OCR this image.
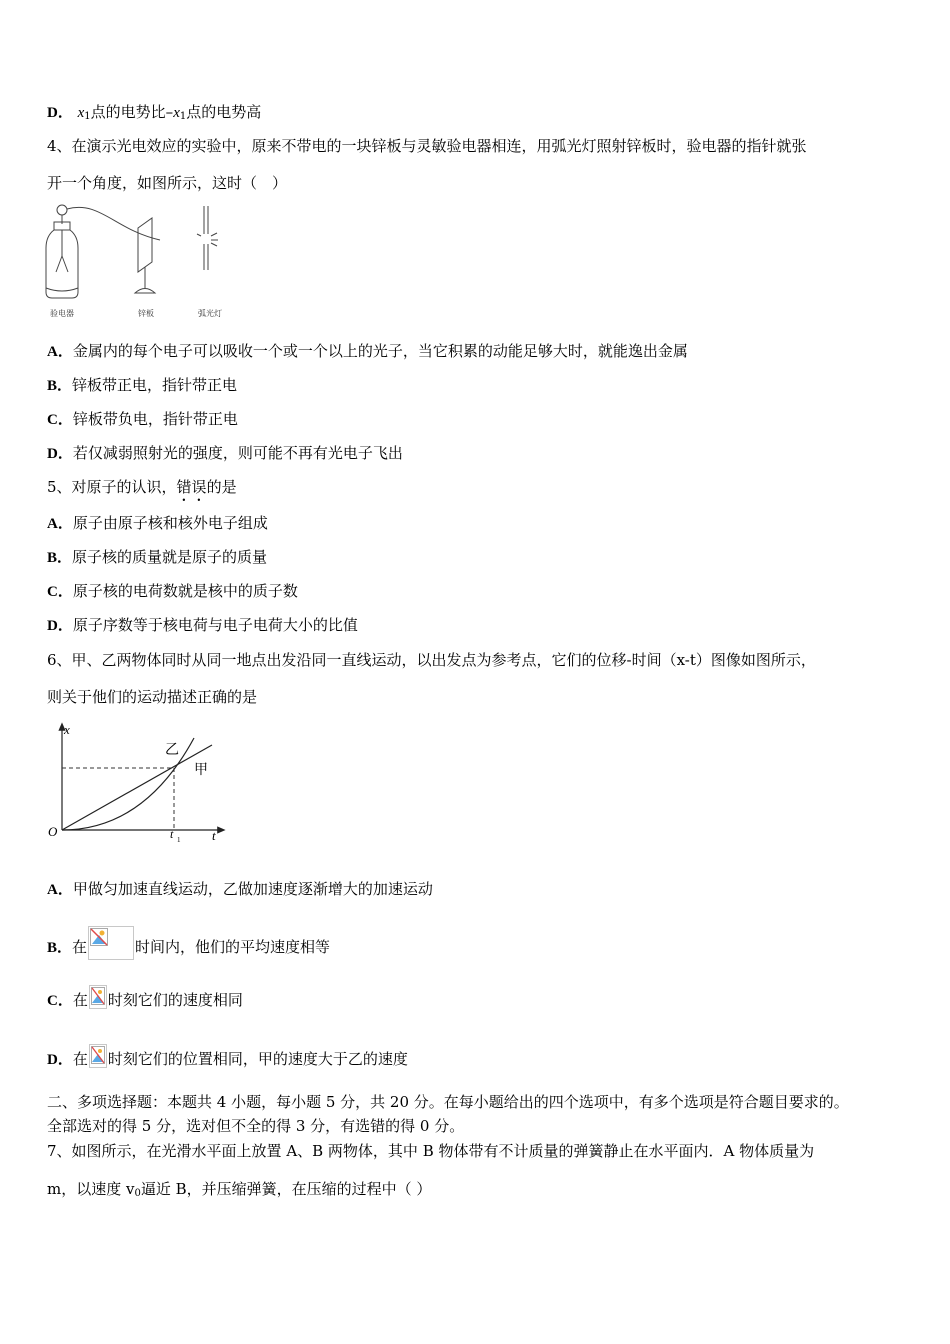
D． $x_1$点的电势比$-x_1$点的电势高
4、在演示光电效应的实验中，原来不带电的一块锌板与灵敏验电器相连，用弧光灯照射锌板时，验电器的指针就张
开一个角度，如图所示，这时（　）
验电器	锌板	弧光灯
A．金属内的每个电子可以吸收一个或一个以上的光子，当它积累的动能足够大时，就能逸出金属
B．锌板带正电，指针带正电
C．锌板带负电，指针带正电
D．若仅减弱照射光的强度，则可能不再有光电子飞出
5、对原子的认识，错误的是
A．原子由原子核和核外电子组成
B．原子核的质量就是原子的质量
C．原子核的电荷数就是核中的质子数
D．原子序数等于核电荷与电子电荷大小的比值
6、甲、乙两物体同时从同一地点出发沿同一直线运动，以出发点为参考点，它们的位移-时间（x-t）图像如图所示，
则关于他们的运动描述正确的是
x
t
O	t 1
乙
甲
A．甲做匀加速直线运动，乙做加速度逐渐增大的加速运动
B．在	时间内，他们的平均速度相等
C．在 时刻它们的速度相同
D．在 时刻它们的位置相同，甲的速度大于乙的速度
二、多项选择题：本题共 4 小题，每小题 5 分，共 20 分。在每小题给出的四个选项中，有多个选项是符合题目要求的。
全部选对的得 5 分，选对但不全的得 3 分，有选错的得 0 分。
7、如图所示，在光滑水平面上放置 A、B 两物体，其中 B 物体带有不计质量的弹簧静止在水平面内．A 物体质量为
m，以速度 $v_0$逼近 B，并压缩弹簧，在压缩的过程中（ ）
